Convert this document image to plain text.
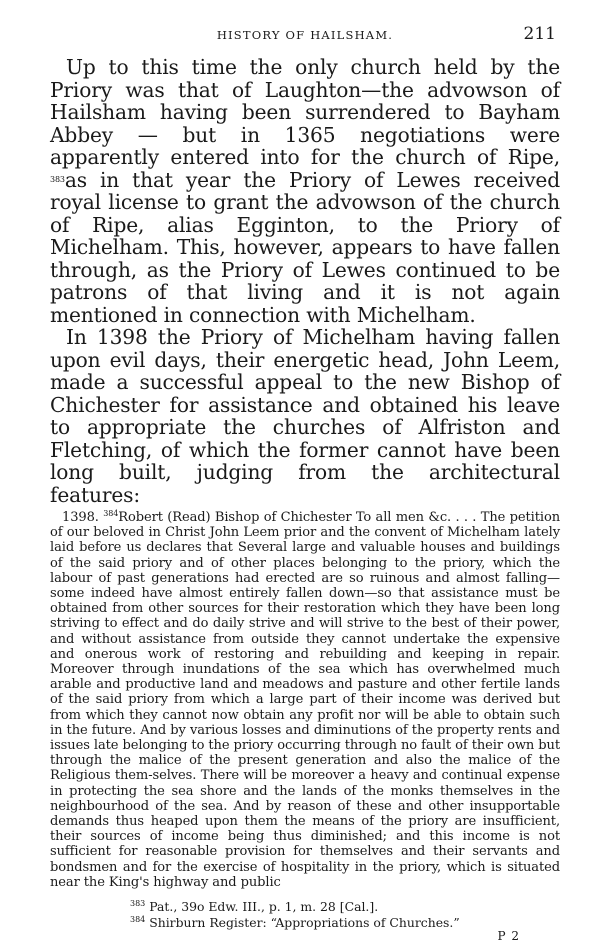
HISTORY OF HAILSHAM.	211

Up to this time the only church held by the Priory was that of Laughton—the advowson of Hailsham having been surrendered to Bayham Abbey — but in 1365 negotiations were apparently entered into for the church of Ripe, $^{383}$as in that year the Priory of Lewes received royal license to grant the advowson of the church of Ripe, alias Egginton, to the Priory of Michelham. This, however, appears to have fallen through, as the Priory of Lewes continued to be patrons of that living and it is not again mentioned in connection with Michelham.

In 1398 the Priory of Michelham having fallen upon evil days, their energetic head, John Leem, made a successful appeal to the new Bishop of Chichester for assistance and obtained his leave to appropriate the churches of Alfriston and Fletching, of which the former cannot have been long built, judging from the architectural features:

1398. $^{384}$Robert (Read) Bishop of Chichester To all men &c. . . . The petition of our beloved in Christ John Leem prior and the convent of Michelham lately laid before us declares that Several large and valuable houses and buildings of the said priory and of other places belonging to the priory, which the labour of past generations had erected are so ruinous and almost falling—some indeed have almost entirely fallen down—so that assistance must be obtained from other sources for their restoration which they have been long striving to effect and do daily strive and will strive to the best of their power, and without assistance from outside they cannot undertake the expensive and onerous work of restoring and rebuilding and keeping in repair. Moreover through inundations of the sea which has overwhelmed much arable and productive land and meadows and pasture and other fertile lands of the said priory from which a large part of their income was derived but from which they cannot now obtain any profit nor will be able to obtain such in the future. And by various losses and diminutions of the property rents and issues late belonging to the priory occurring through no fault of their own but through the malice of the present generation and also the malice of the Religious them-selves. There will be moreover a heavy and continual expense in protecting the sea shore and the lands of the monks themselves in the neighbourhood of the sea. And by reason of these and other insupportable demands thus heaped upon them the means of the priory are insufficient, their sources of income being thus diminished; and this income is not sufficient for reasonable provision for themselves and their servants and bondsmen and for the exercise of hospitality in the priory, which is situated near the King's highway and public
$^{383}$ Pat., 39o Edw. III., p. 1, m. 28 [Cal.].
$^{384}$ Shirburn Register: “Appropriations of Churches.”
P 2
